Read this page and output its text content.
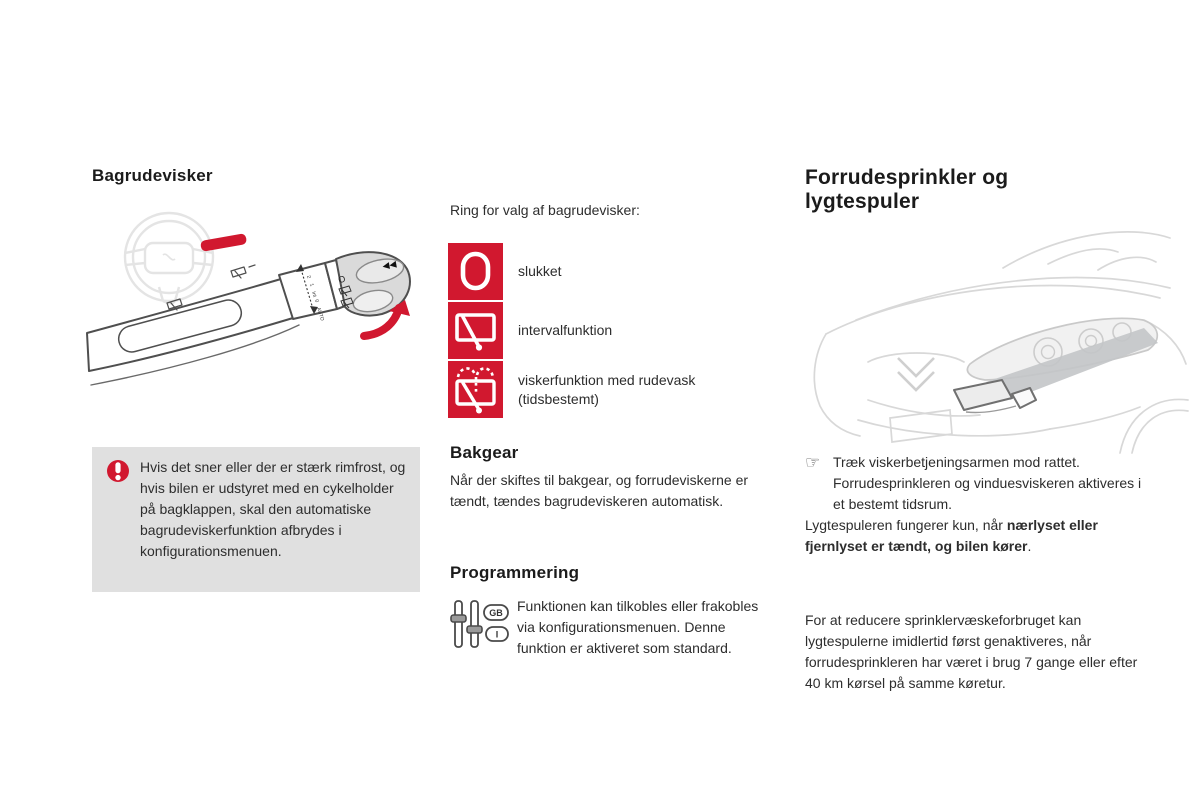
Bagrudevisker
2
1
Int
0
AUTO
O
◀◀
Hvis det sner eller der er stærk rimfrost, og hvis bilen er udstyret med en cykelholder på bagklappen, skal den automatiske bagrudeviskerfunktion afbrydes i konfigurationsmenuen.
Ring for valg af bagrudevisker:
slukket
intervalfunktion
viskerfunktion med rudevask (tidsbestemt)
Bakgear
Når der skiftes til bakgear, og forrudeviskerne er tændt, tændes bagrudeviskeren automatisk.
Programmering
GB
I
Funktionen kan tilkobles eller frakobles via konfigurationsmenuen. Denne funktion er aktiveret som standard.
Forrudesprinkler og lygtespuler
☞ Træk viskerbetjeningsarmen mod rattet. Forrudesprinkleren og vinduesviskeren aktiveres i et bestemt tidsrum.
Lygtespuleren fungerer kun, når nærlyset eller fjernlyset er tændt, og bilen kører.
For at reducere sprinklervæskeforbruget kan lygtespulerne imidlertid først genaktiveres, når forrudesprinkleren har været i brug 7 gange eller efter 40 km kørsel på samme køretur.
